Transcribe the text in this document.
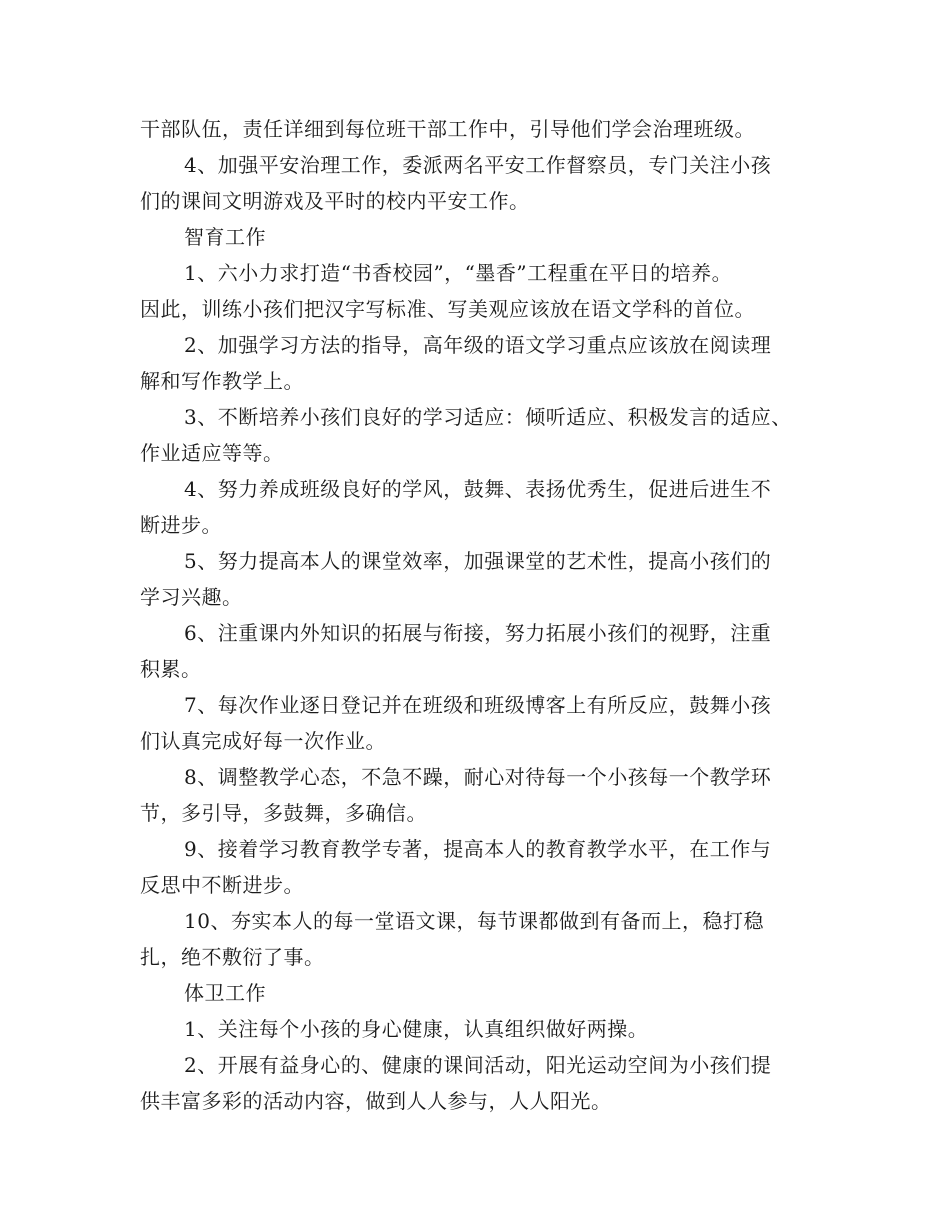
干部队伍，责任详细到每位班干部工作中，引导他们学会治理班级。
4、加强平安治理工作，委派两名平安工作督察员，专门关注小孩
们的课间文明游戏及平时的校内平安工作。
智育工作
1、六小力求打造“书香校园”，“墨香”工程重在平日的培养。
因此，训练小孩们把汉字写标准、写美观应该放在语文学科的首位。
2、加强学习方法的指导，高年级的语文学习重点应该放在阅读理
解和写作教学上。
3、不断培养小孩们良好的学习适应：倾听适应、积极发言的适应、
作业适应等等。
4、努力养成班级良好的学风，鼓舞、表扬优秀生，促进后进生不
断进步。
5、努力提高本人的课堂效率，加强课堂的艺术性，提高小孩们的
学习兴趣。
6、注重课内外知识的拓展与衔接，努力拓展小孩们的视野，注重
积累。
7、每次作业逐日登记并在班级和班级博客上有所反应，鼓舞小孩
们认真完成好每一次作业。
8、调整教学心态，不急不躁，耐心对待每一个小孩每一个教学环
节，多引导，多鼓舞，多确信。
9、接着学习教育教学专著，提高本人的教育教学水平，在工作与
反思中不断进步。
10、夯实本人的每一堂语文课，每节课都做到有备而上，稳打稳
扎，绝不敷衍了事。
体卫工作
1、关注每个小孩的身心健康，认真组织做好两操。
2、开展有益身心的、健康的课间活动，阳光运动空间为小孩们提
供丰富多彩的活动内容，做到人人参与，人人阳光。
